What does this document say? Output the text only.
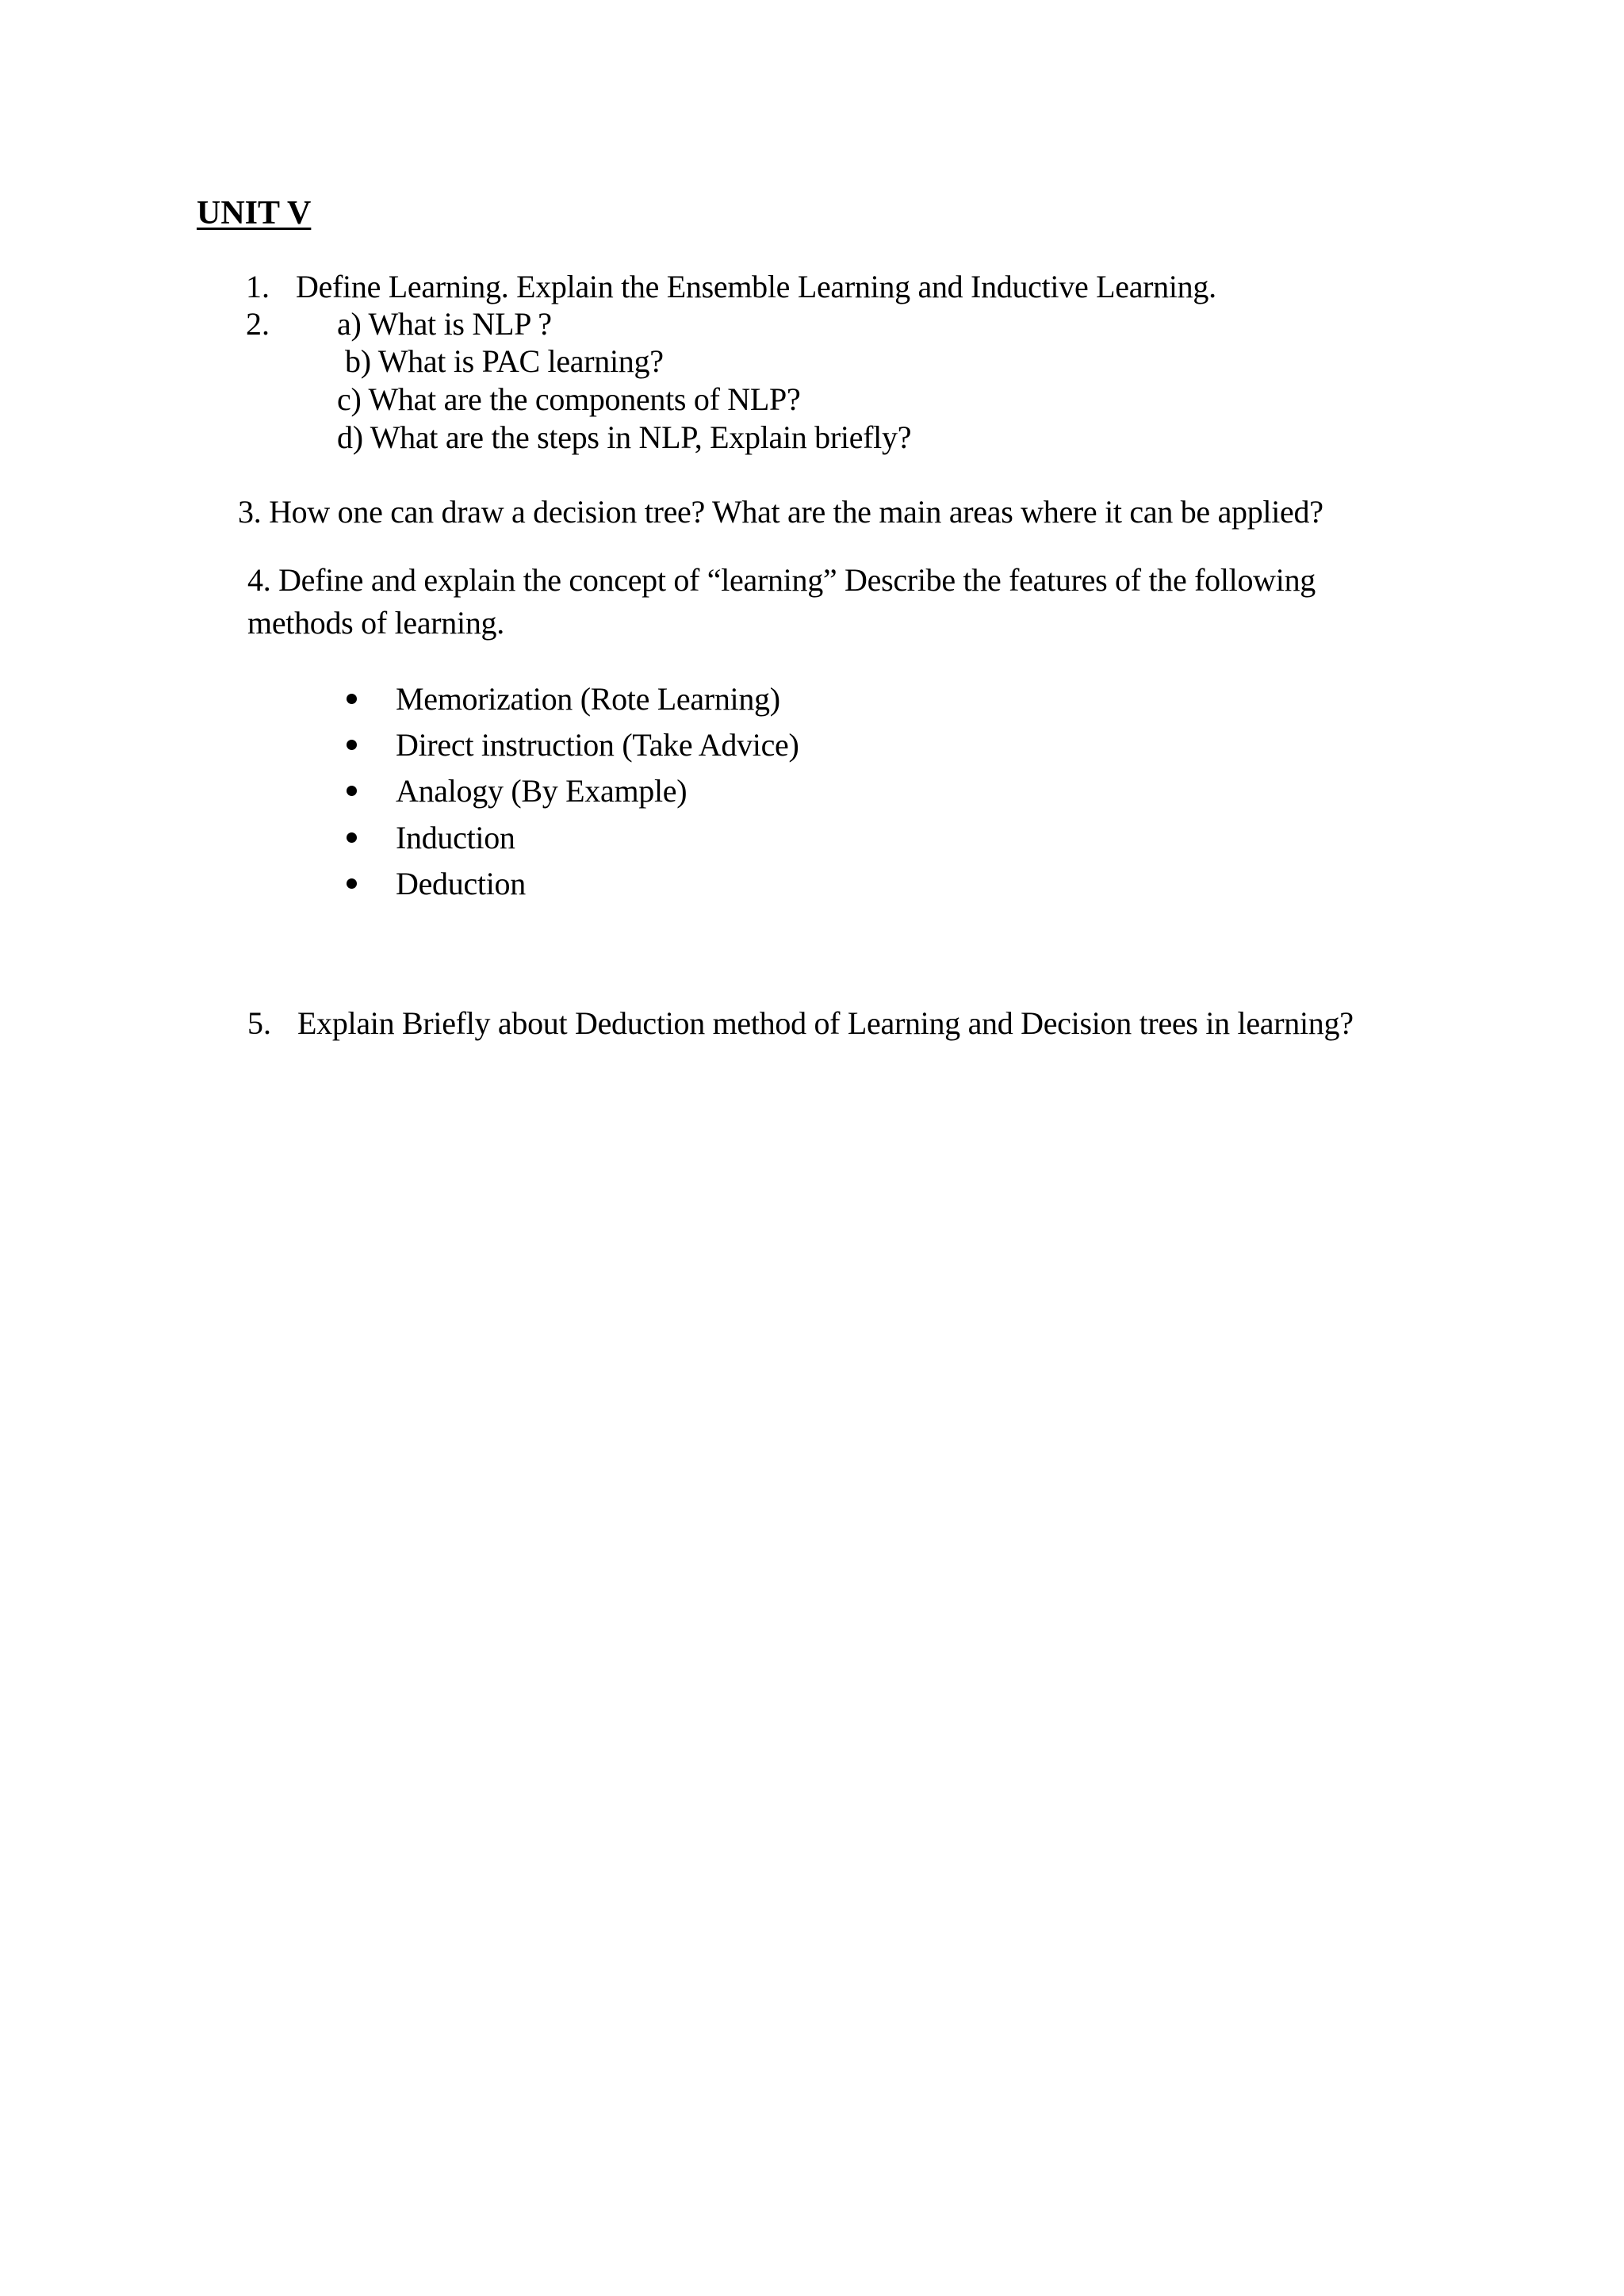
UNIT V
1. Define Learning. Explain the Ensemble Learning and Inductive Learning.
2. a) What is NLP ?
b) What is PAC learning?
c) What are the components of NLP?
d) What are the steps in NLP, Explain briefly?
3. How one can draw a decision tree? What are the main areas where it can be applied?
4. Define and explain the concept of “learning” Describe the features of the following
methods of learning.
Memorization (Rote Learning)
Direct instruction (Take Advice)
Analogy (By Example)
Induction
Deduction
5. Explain Briefly about Deduction method of Learning and Decision trees in learning?
